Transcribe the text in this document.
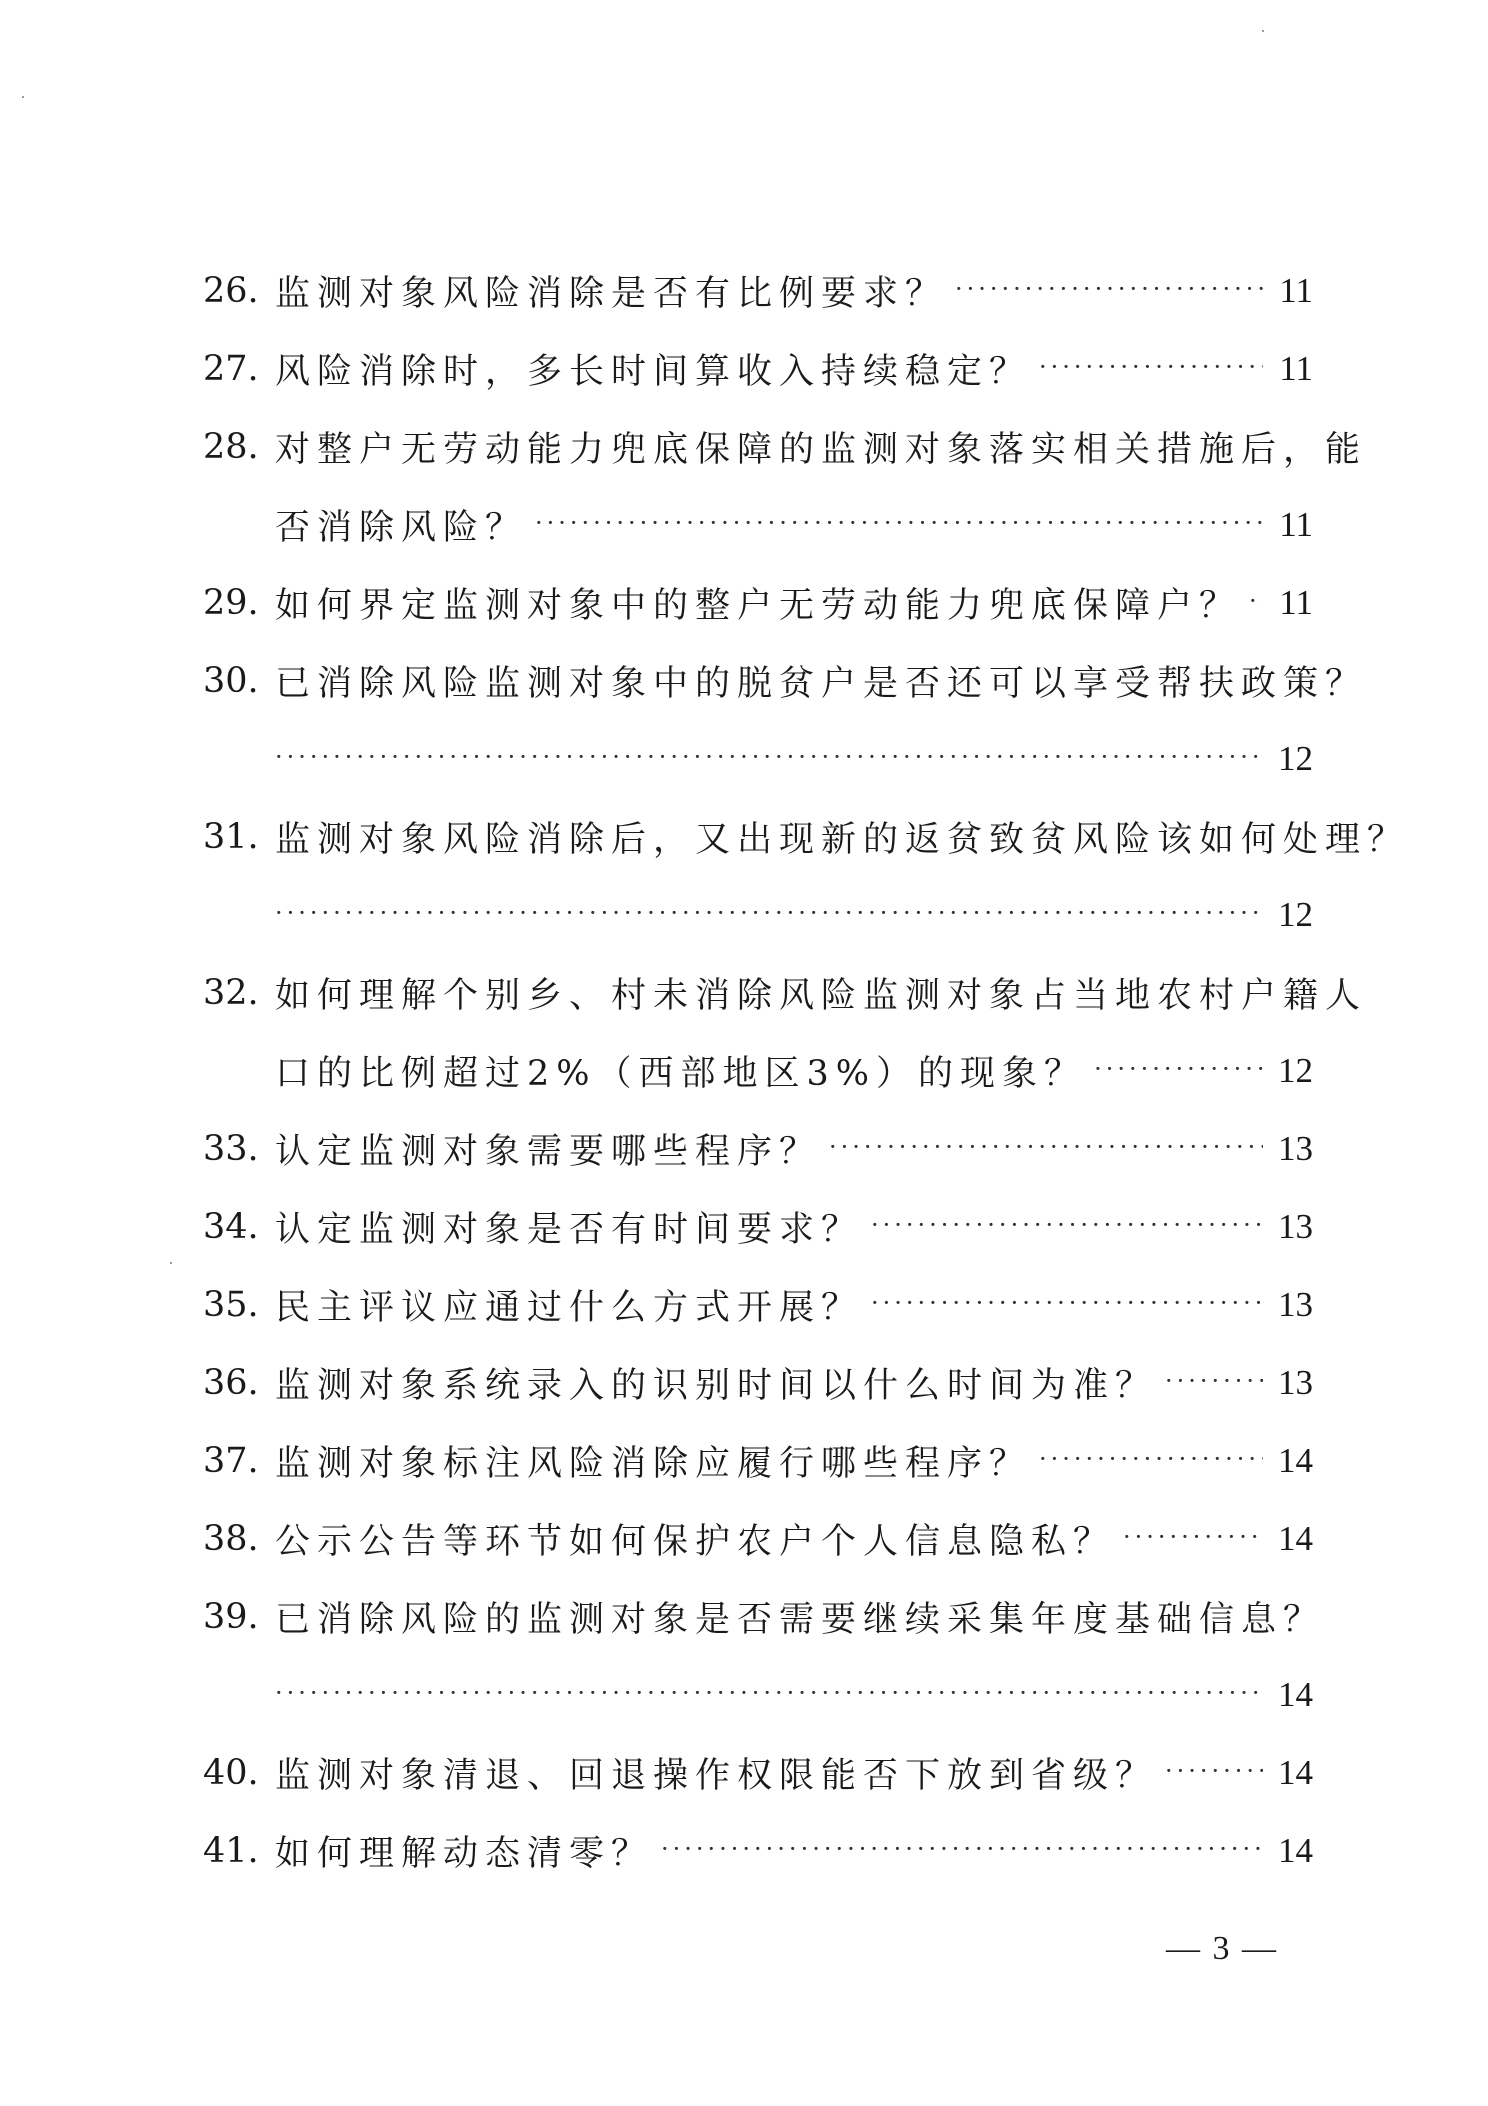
26. 监测对象风险消除是否有比例要求？ ·····	11
27. 风险消除时，多长时间算收入持续稳定？ ·····	11
28. 对整户无劳动能力兜底保障的监测对象落实相关措施后，能
否消除风险？ ·····	11
29. 如何界定监测对象中的整户无劳动能力兜底保障户？ ····· 11
30. 已消除风险监测对象中的脱贫户是否还可以享受帮扶政策？
·····
12
31. 监测对象风险消除后，又出现新的返贫致贫风险该如何处理？
·····
12
32. 如何理解个别乡、村未消除风险监测对象占当地农村户籍人
口的比例超过2%（西部地区3%）的现象？ ·····	12
33. 认定监测对象需要哪些程序？ ·····	13
34. 认定监测对象是否有时间要求？ ·····	13
35. 民主评议应通过什么方式开展？ ·····	13
36. 监测对象系统录入的识别时间以什么时间为准？ ·····	13
37. 监测对象标注风险消除应履行哪些程序？ ·····	14
38. 公示公告等环节如何保护农户个人信息隐私？ ·····	14
39. 已消除风险的监测对象是否需要继续采集年度基础信息？
·····
14
40. 监测对象清退、回退操作权限能否下放到省级？ ·····	14
41. 如何理解动态清零？ ·····	14
— 3 —
